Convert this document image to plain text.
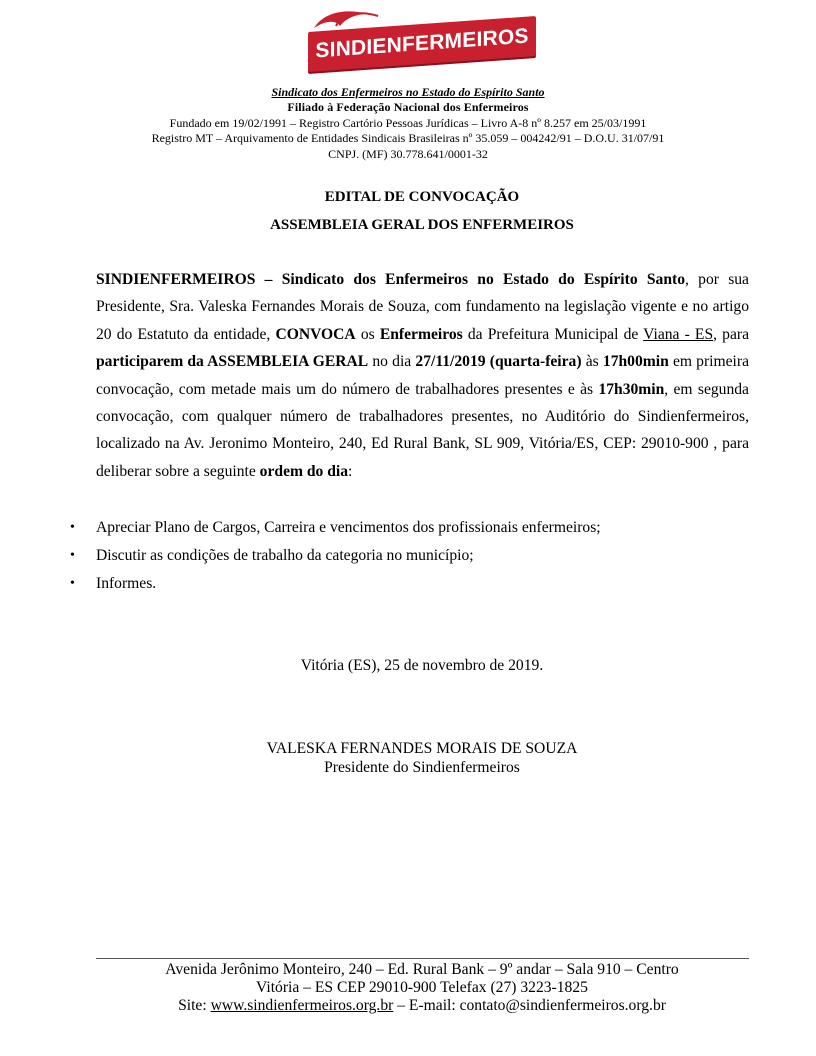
SINDIENFERMEIROS
Sindicato dos Enfermeiros no Estado do Espírito Santo
Filiado à Federação Nacional dos Enfermeiros
Fundado em 19/02/1991 – Registro Cartório Pessoas Jurídicas – Livro A-8 nº 8.257 em 25/03/1991
Registro MT – Arquivamento de Entidades Sindicais Brasileiras nº 35.059 – 004242/91 – D.O.U. 31/07/91
CNPJ. (MF) 30.778.641/0001-32
EDITAL DE CONVOCAÇÃO
ASSEMBLEIA GERAL DOS ENFERMEIROS
SINDIENFERMEIROS – Sindicato dos Enfermeiros no Estado do Espírito Santo, por sua Presidente, Sra. Valeska Fernandes Morais de Souza, com fundamento na legislação vigente e no artigo 20 do Estatuto da entidade, CONVOCA os Enfermeiros da Prefeitura Municipal de Viana - ES, para participarem da ASSEMBLEIA GERAL no dia 27/11/2019 (quarta-feira) às 17h00min em primeira convocação, com metade mais um do número de trabalhadores presentes e às 17h30min, em segunda convocação, com qualquer número de trabalhadores presentes, no Auditório do Sindienfermeiros, localizado na Av. Jeronimo Monteiro, 240, Ed Rural Bank, SL 909, Vitória/ES, CEP: 29010-900 , para deliberar sobre a seguinte ordem do dia:
• Apreciar Plano de Cargos, Carreira e vencimentos dos profissionais enfermeiros;
• Discutir as condições de trabalho da categoria no município;
• Informes.
Vitória (ES), 25 de novembro de 2019.
VALESKA FERNANDES MORAIS DE SOUZA
Presidente do Sindienfermeiros
Avenida Jerônimo Monteiro, 240 – Ed. Rural Bank – 9º andar – Sala 910 – Centro
Vitória – ES CEP 29010-900 Telefax (27) 3223-1825
Site: www.sindienfermeiros.org.br – E-mail: contato@sindienfermeiros.org.br
